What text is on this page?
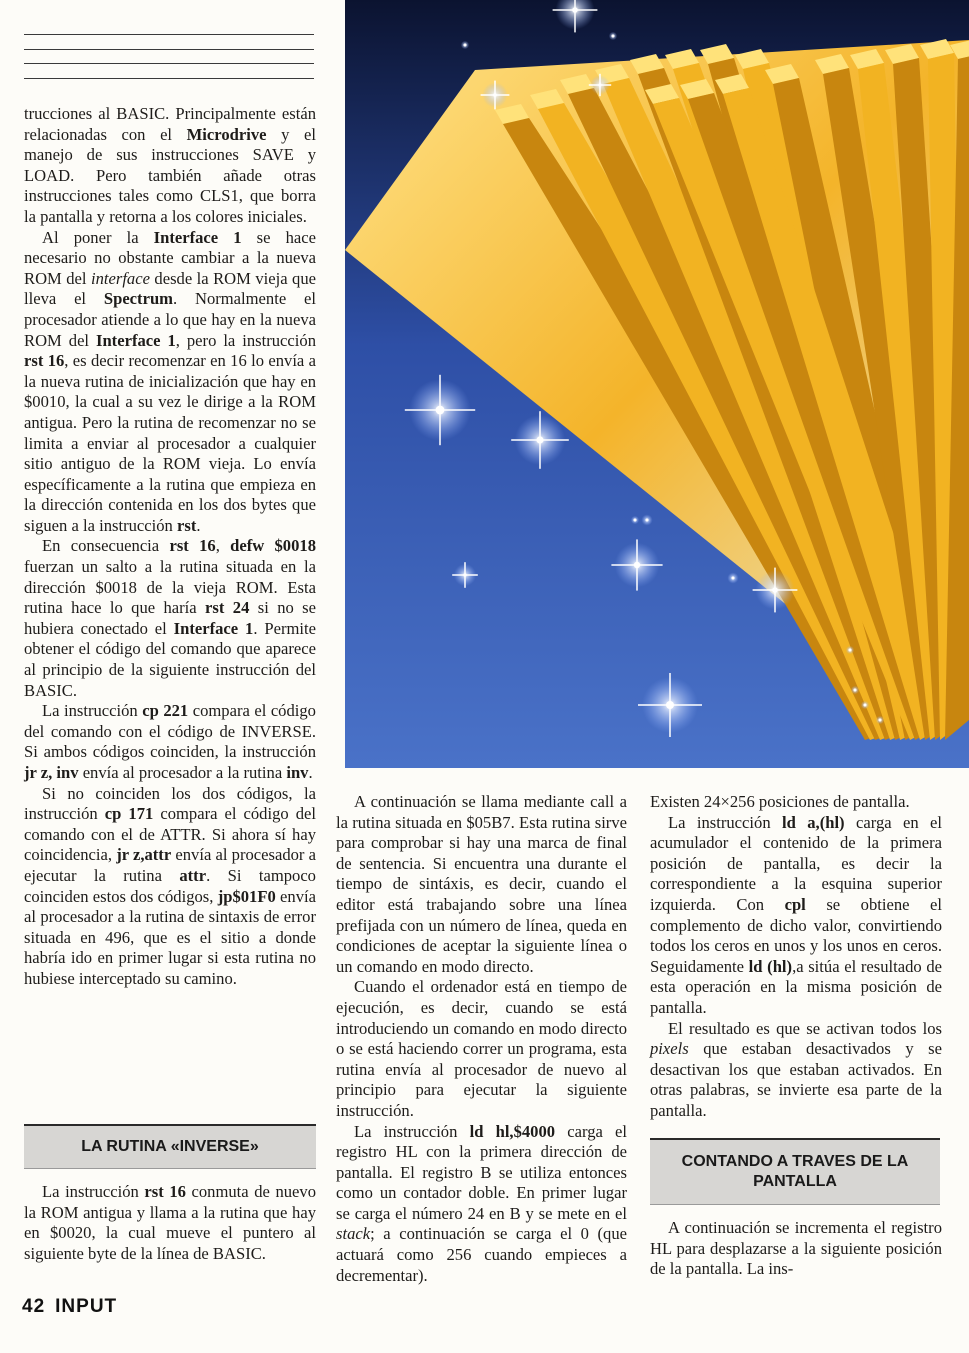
trucciones al BASIC. Principalmente están relacionadas con el Microdrive y el manejo de sus instrucciones SAVE y LOAD. Pero también añade otras instrucciones tales como CLS1, que borra la pantalla y retorna a los colores iniciales.

Al poner la Interface 1 se hace necesario no obstante cambiar a la nueva ROM del interface desde la ROM vieja que lleva el Spectrum. Normalmente el procesador atiende a lo que hay en la nueva ROM del Interface 1, pero la instrucción rst 16, es decir recomenzar en 16 lo envía a la nueva rutina de inicialización que hay en $0010, la cual a su vez le dirige a la ROM antigua. Pero la rutina de recomenzar no se limita a enviar al procesador a cualquier sitio antiguo de la ROM vieja. Lo envía específicamente a la rutina que empieza en la dirección contenida en los dos bytes que siguen a la instrucción rst.

En consecuencia rst 16, defw $0018 fuerzan un salto a la rutina situada en la dirección $0018 de la vieja ROM. Esta rutina hace lo que haría rst 24 si no se hubiera conectado el Interface 1. Permite obtener el código del comando que aparece al principio de la siguiente instrucción del BASIC.

La instrucción cp 221 compara el código del comando con el código de INVERSE. Si ambos códigos coinciden, la instrucción jr z, inv envía al procesador a la rutina inv.

Si no coinciden los dos códigos, la instrucción cp 171 compara el código del comando con el de ATTR. Si ahora sí hay coincidencia, jr z,attr envía al procesador a ejecutar la rutina attr. Si tampoco coinciden estos dos códigos, jp$01F0 envía al procesador a la rutina de sintaxis de error situada en 496, que es el sitio a donde habría ido en primer lugar si esta rutina no hubiese interceptado su camino.

LA RUTINA «INVERSE»

La instrucción rst 16 conmuta de nuevo la ROM antigua y llama a la rutina que hay en $0020, la cual mueve el puntero al siguiente byte de la línea de BASIC.

A continuación se llama mediante call a la rutina situada en $05B7. Esta rutina sirve para comprobar si hay una marca de final de sentencia. Si encuentra una durante el tiempo de sintáxis, es decir, cuando el editor está trabajando sobre una línea prefijada con un número de línea, queda en condiciones de aceptar la siguiente línea o un comando en modo directo.

Cuando el ordenador está en tiempo de ejecución, es decir, cuando se está introduciendo un comando en modo directo o se está haciendo correr un programa, esta rutina envía al procesador de nuevo al principio para ejecutar la siguiente instrucción.

La instrucción ld hl,$4000 carga el registro HL con la primera dirección de pantalla. El registro B se utiliza entonces como un contador doble. En primer lugar se carga el número 24 en B y se mete en el stack; a continuación se carga el 0 (que actuará como 256 cuando empieces a decrementar).

Existen 24×256 posiciones de pantalla.

La instrucción ld a,(hl) carga en el acumulador el contenido de la primera posición de pantalla, es decir la correspondiente a la esquina superior izquierda. Con cpl se obtiene el complemento de dicho valor, convirtiendo todos los ceros en unos y los unos en ceros. Seguidamente ld (hl),a sitúa el resultado de esta operación en la misma posición de pantalla.

El resultado es que se activan todos los pixels que estaban desactivados y se desactivan los que estaban activados. En otras palabras, se invierte esa parte de la pantalla.

CONTANDO A TRAVES DE LA PANTALLA

A continuación se incrementa el registro HL para desplazarse a la siguiente posición de la pantalla. La ins-

42 INPUT
